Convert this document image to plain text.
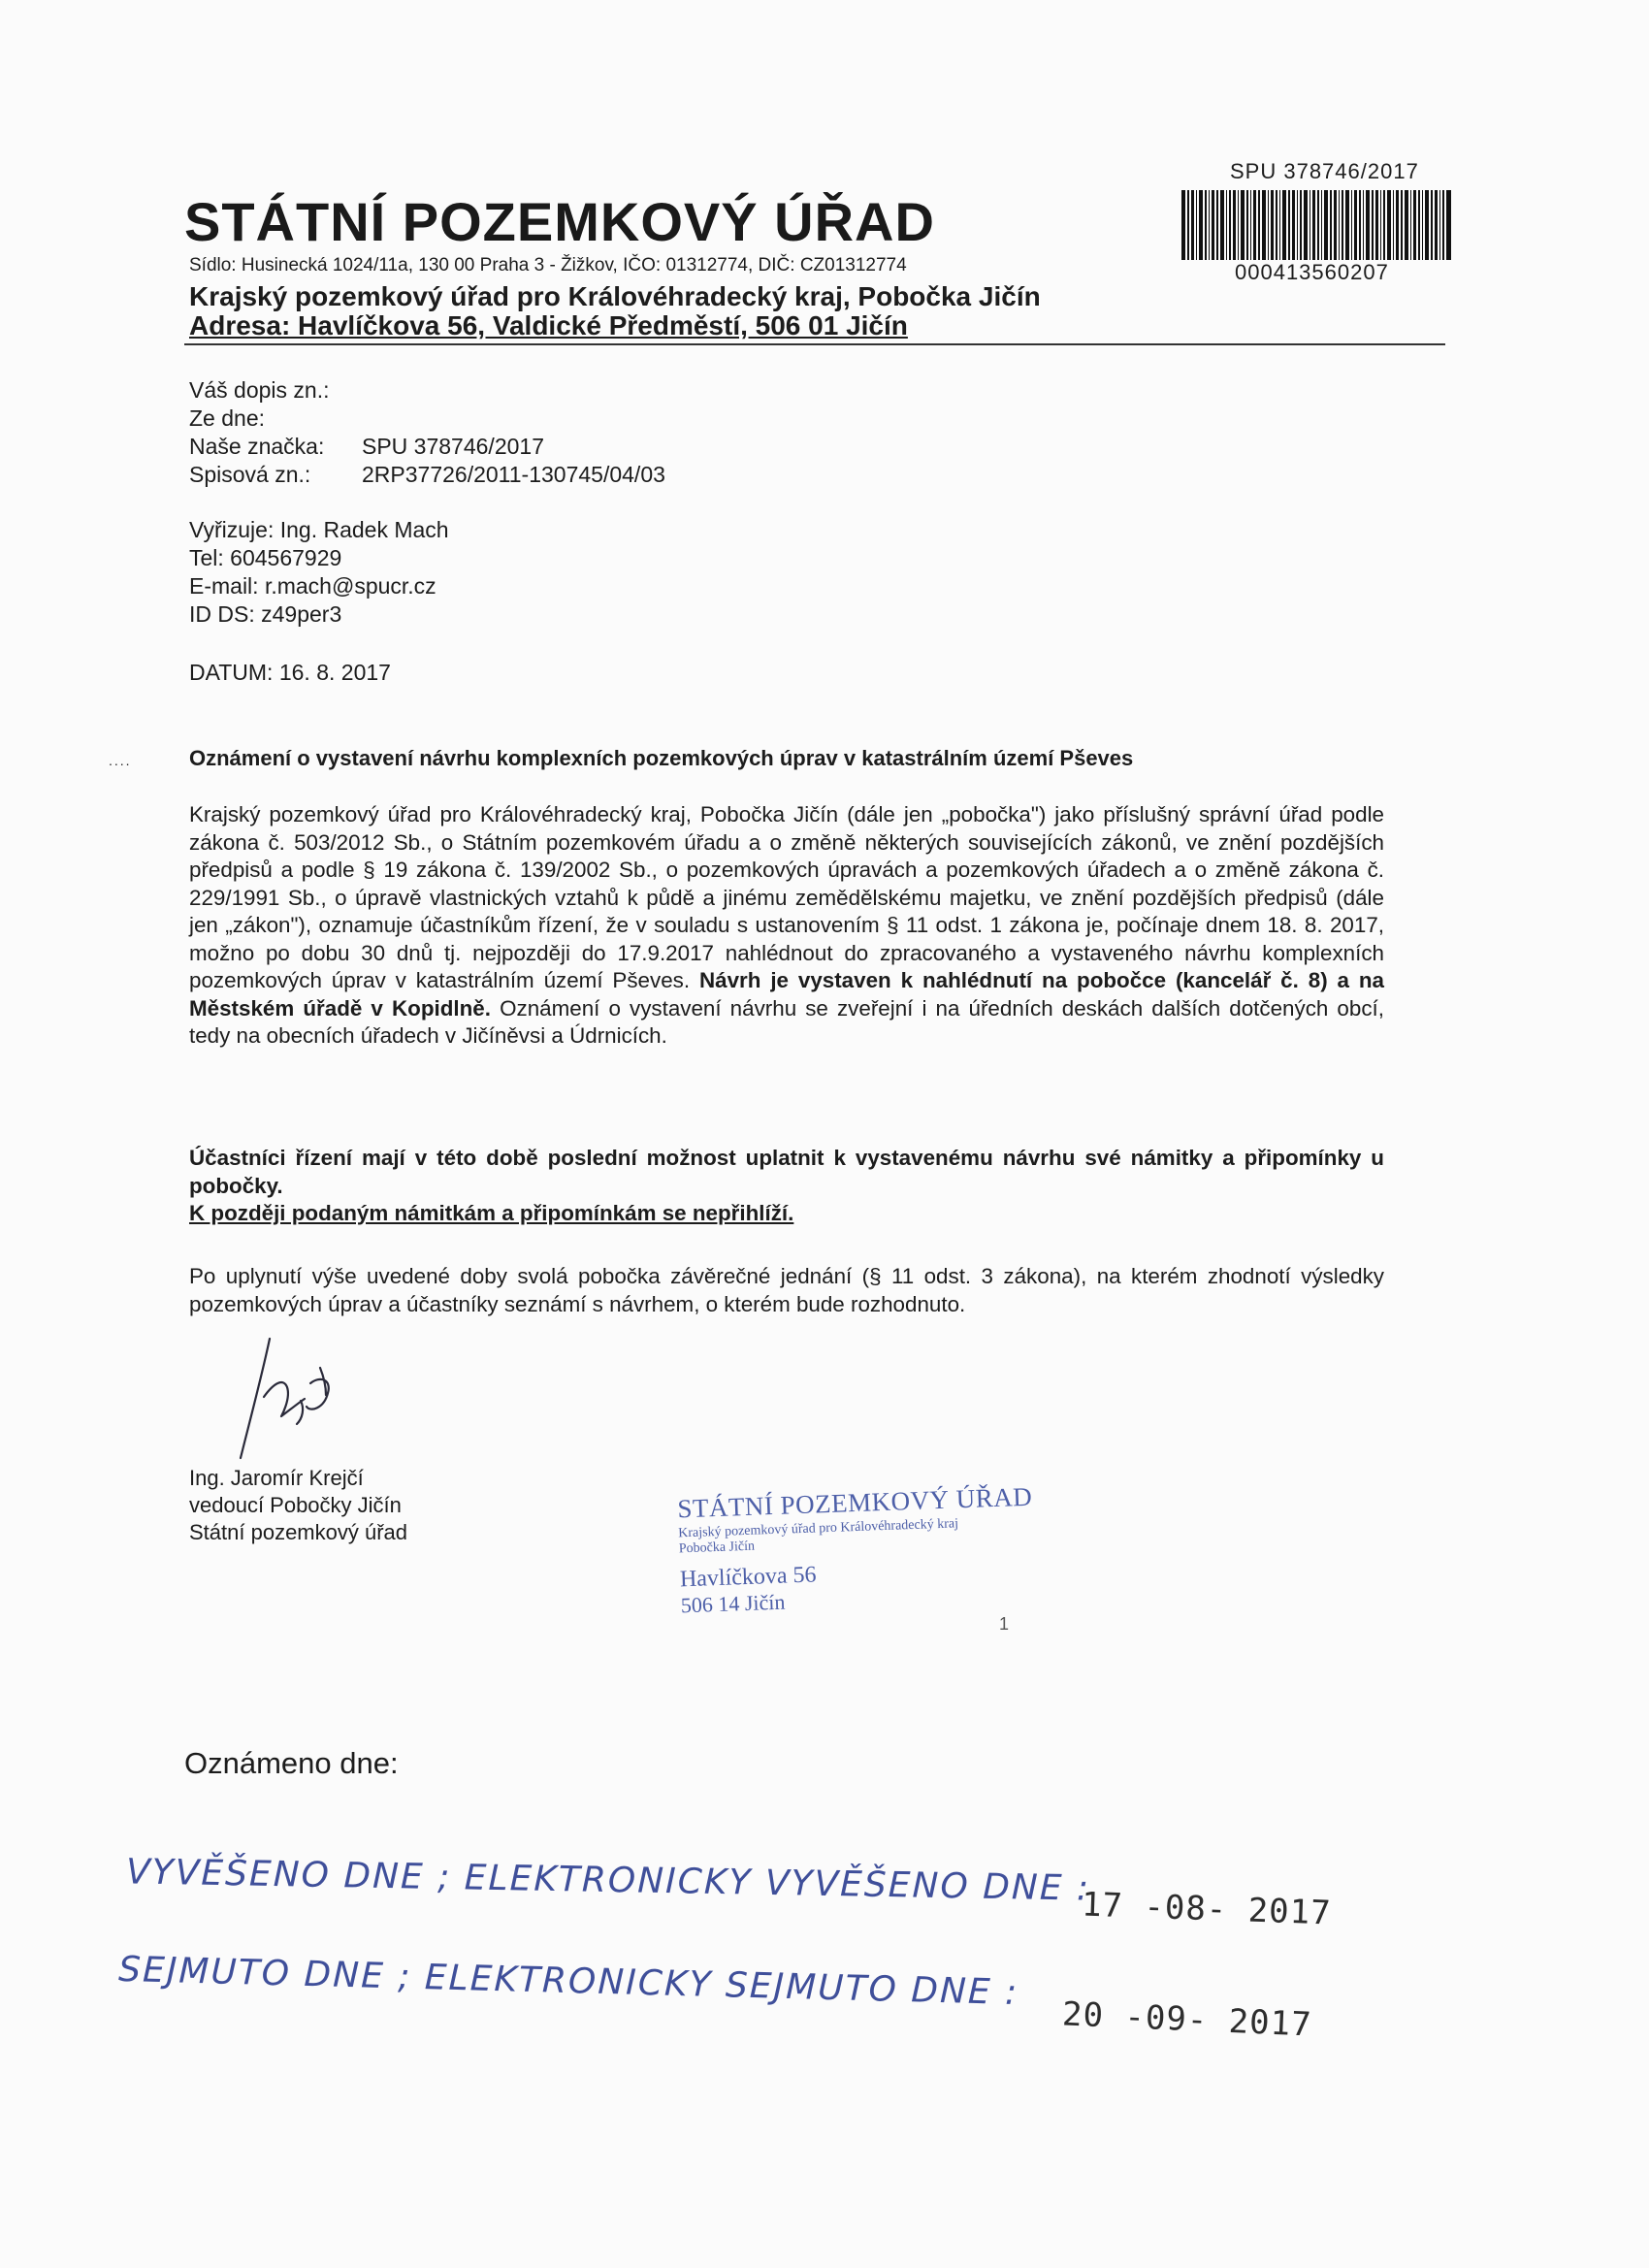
SPU 378746/2017
000413560207
STÁTNÍ POZEMKOVÝ ÚŘAD
Sídlo: Husinecká 1024/11a, 130 00 Praha 3 - Žižkov, IČO: 01312774, DIČ: CZ01312774
Krajský pozemkový úřad pro Královéhradecký kraj, Pobočka Jičín
Adresa: Havlíčkova 56, Valdické Předměstí, 506 01 Jičín
Váš dopis zn.:
Ze dne:
Naše značka:	SPU 378746/2017
Spisová zn.:	2RP37726/2011-130745/04/03
Vyřizuje: Ing. Radek Mach
Tel: 604567929
E-mail: r.mach@spucr.cz
ID DS: z49per3
DATUM: 16. 8. 2017
....	Oznámení o vystavení návrhu komplexních pozemkových úprav v katastrálním území Pševes
Krajský pozemkový úřad pro Královéhradecký kraj, Pobočka Jičín (dále jen „pobočka") jako příslušný správní úřad podle zákona č. 503/2012 Sb., o Státním pozemkovém úřadu a o změně některých souvisejících zákonů, ve znění pozdějších předpisů a podle § 19 zákona č. 139/2002 Sb., o pozemkových úpravách a pozemkových úřadech a o změně zákona č. 229/1991 Sb., o úpravě vlastnických vztahů k půdě a jinému zemědělskému majetku, ve znění pozdějších předpisů (dále jen „zákon"), oznamuje účastníkům řízení, že v souladu s ustanovením § 11 odst. 1 zákona je, počínaje dnem 18. 8. 2017, možno po dobu 30 dnů tj. nejpozději do 17.9.2017 nahlédnout do zpracovaného a vystaveného návrhu komplexních pozemkových úprav v katastrálním území Pševes. Návrh je vystaven k nahlédnutí na pobočce (kancelář č. 8) a na Městském úřadě v Kopidlně. Oznámení o vystavení návrhu se zveřejní i na úředních deskách dalších dotčených obcí, tedy na obecních úřadech v Jičíněvsi a Údrnicích.
Účastníci řízení mají v této době poslední možnost uplatnit k vystavenému návrhu své námitky a připomínky u pobočky.
K později podaným námitkám a připomínkám se nepřihlíží.
Po uplynutí výše uvedené doby svolá pobočka závěrečné jednání (§ 11 odst. 3 zákona), na kterém zhodnotí výsledky pozemkových úprav a účastníky seznámí s návrhem, o kterém bude rozhodnuto.
Ing. Jaromír Krejčí
vedoucí Pobočky Jičín
Státní pozemkový úřad
STÁTNÍ POZEMKOVÝ ÚŘAD
Krajský pozemkový úřad pro Královéhradecký kraj
Pobočka Jičín
Havlíčkova 56
506 14 Jičín
1
Oznámeno dne:
VYVĚŠENO DNE ; ELEKTRONICKY VYVĚŠENO DNE :
17 -08- 2017
SEJMUTO DNE ; ELEKTRONICKY SEJMUTO DNE :
20 -09- 2017
